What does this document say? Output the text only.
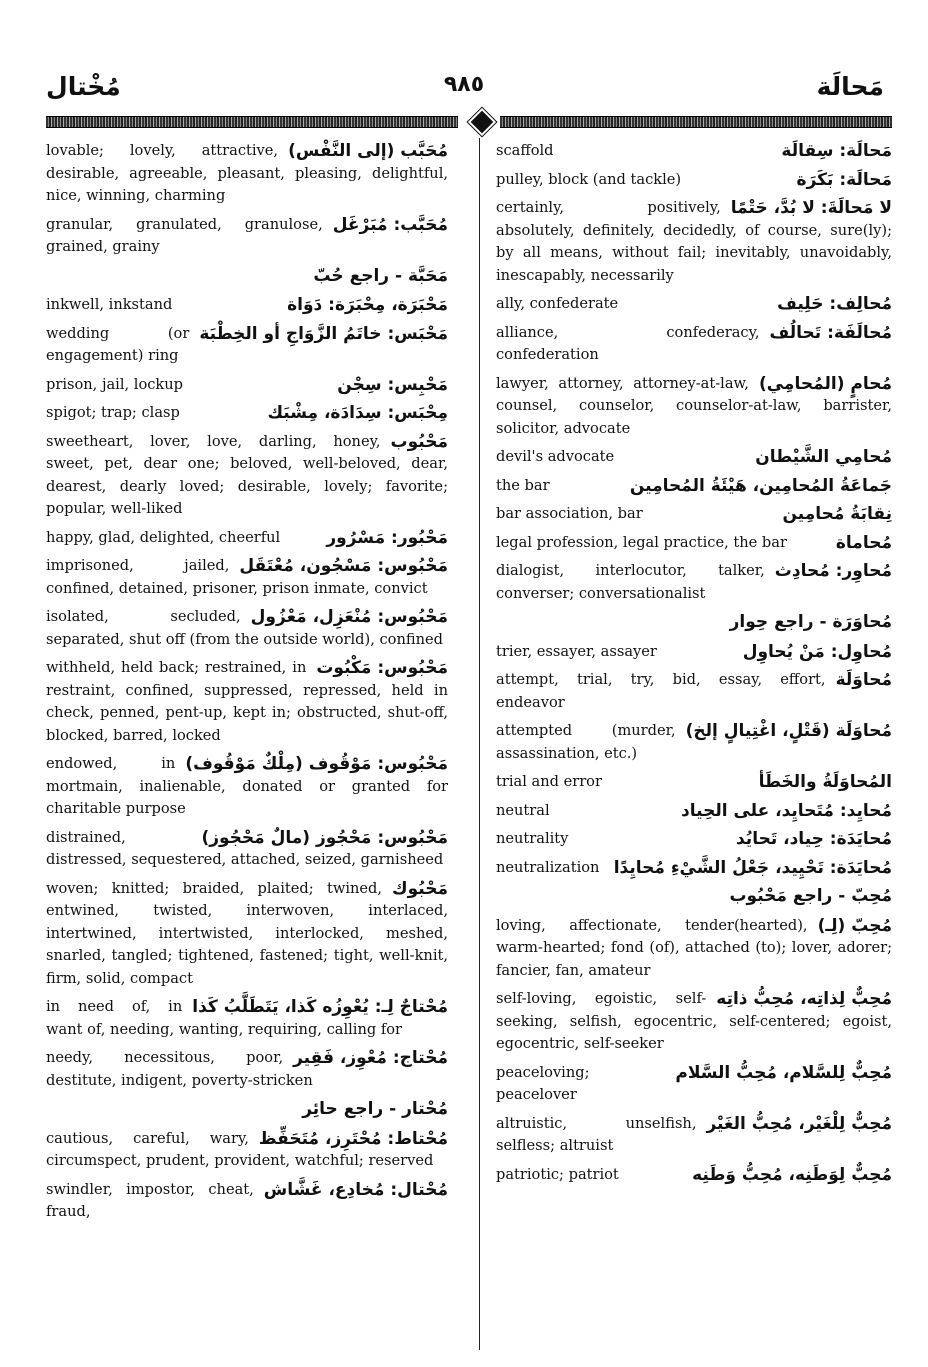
مُخْتال	٩٨٥	مَحالَة
مُحَبَّب (إلى النَّفْس)
lovable; lovely, attractive, desirable, agreeable, pleasant, pleasing, delightful, nice, winning, charming
مُحَبَّب: مُبَرْغَل
granular, granulated, granulose, grained, grainy
مَحَبَّة - راجع حُبّ
مَحْبَرَة، مِحْبَرَة: دَوَاة
inkwell, inkstand
مَحْبَس: خاتَمُ الزَّوَاجِ أو الخِطْبَة
wedding (or engagement) ring
مَحْبِس: سِجْن
prison, jail, lockup
مِحْبَس: سِدَادَة، مِشْبَك
spigot; trap; clasp
مَحْبُوب
sweetheart, lover, love, darling, honey, sweet, pet, dear one; beloved, well-beloved, dear, dearest, dearly loved; desirable, lovely; favorite; popular, well-liked
مَحْبُور: مَسْرُور
happy, glad, delighted, cheerful
مَحْبُوس: مَسْجُون، مُعْتَقَل
imprisoned, jailed, confined, detained, prisoner, prison inmate, convict
مَحْبُوس: مُنْعَزِل، مَعْزُول
isolated, secluded, separated, shut off (from the outside world), confined
مَحْبُوس: مَكْبُوت
withheld, held back; restrained, in restraint, confined, suppressed, repressed, held in check, penned, pent-up, kept in; obstructed, shut-off, blocked, barred, locked
مَحْبُوس: مَوْقُوف (مِلْكٌ مَوْقُوف)
endowed, in mortmain, inalienable, donated or granted for charitable purpose
مَحْبُوس: مَحْجُوز (مالٌ مَحْجُوز)
distrained, distressed, sequestered, attached, seized, garnisheed
مَحْبُوك
woven; knitted; braided, plaited; twined, entwined, twisted, interwoven, interlaced, intertwined, intertwisted, interlocked, meshed, snarled, tangled; tightened, fastened; tight, well-knit, firm, solid, compact
مُحْتاجٌ لِـ: يُعْوِزُه كَذا، يَتَطَلَّبُ كَذا
in need of, in want of, needing, wanting, requiring, calling for
مُحْتاج: مُعْوِز، فَقِير
needy, necessitous, poor, destitute, indigent, poverty-stricken
مُحْتار - راجع حائِر
مُحْتاط: مُحْتَرِز، مُتَحَفِّظ
cautious, careful, wary, circumspect, prudent, provident, watchful; reserved
مُحْتال: مُخادِع، غَشَّاش
swindler, impostor, cheat, fraud,
مَحالَة: سِقالَة
scaffold
مَحالَة: بَكَرَة
pulley, block (and tackle)
لا مَحالَةَ: لا بُدَّ، حَتْمًا
certainly, positively, absolutely, definitely, decidedly, of course, sure(ly); by all means, without fail; inevitably, unavoidably, inescapably, necessarily
مُحالِف: حَلِيف
ally, confederate
مُحالَفَة: تَحالُف
alliance, confederacy, confederation
مُحامٍ (المُحامِي)
lawyer, attorney, attorney-at-law, counsel, counselor, counselor-at-law, barrister, solicitor, advocate
مُحامِي الشَّيْطان
devil's advocate
جَماعَةُ المُحامِين، هَيْئَةُ المُحامِين
the bar
نِقابَةُ مُحامِين
bar association, bar
مُحاماة
legal profession, legal practice, the bar
مُحاوِر: مُحادِث
dialogist, interlocutor, talker, converser; conversationalist
مُحاوَرَة - راجع حِوار
مُحاوِل: مَنْ يُحاوِل
trier, essayer, assayer
مُحاوَلَة
attempt, trial, try, bid, essay, effort, endeavor
مُحاوَلَة (قَتْلٍ، اغْتِيالٍ إلخ)
attempted (murder, assassination, etc.)
المُحاوَلَةُ والخَطَأ
trial and error
مُحايِد: مُتَحايِد، على الحِياد
neutral
مُحايَدَة: حِياد، تَحايُد
neutrality
مُحايَدَة: تَحْيِيد، جَعْلُ الشَّيْءِ مُحايِدًا
neutralization
مُحِبّ - راجع مَحْبُوب
مُحِبّ (لِـ)
loving, affectionate, tender(hearted), warm-hearted; fond (of), attached (to); lover, adorer; fancier, fan, amateur
مُحِبٌّ لِذاتِه، مُحِبُّ ذاتِه
self-loving, egoistic, self-seeking, selfish, egocentric, self-centered; egoist, egocentric, self-seeker
مُحِبٌّ لِلسَّلام، مُحِبُّ السَّلام
peaceloving; peacelover
مُحِبٌّ لِلْغَيْر، مُحِبُّ الغَيْر
altruistic, unselfish, selfless; altruist
مُحِبٌّ لِوَطَنِه، مُحِبُّ وَطَنِه
patriotic; patriot
